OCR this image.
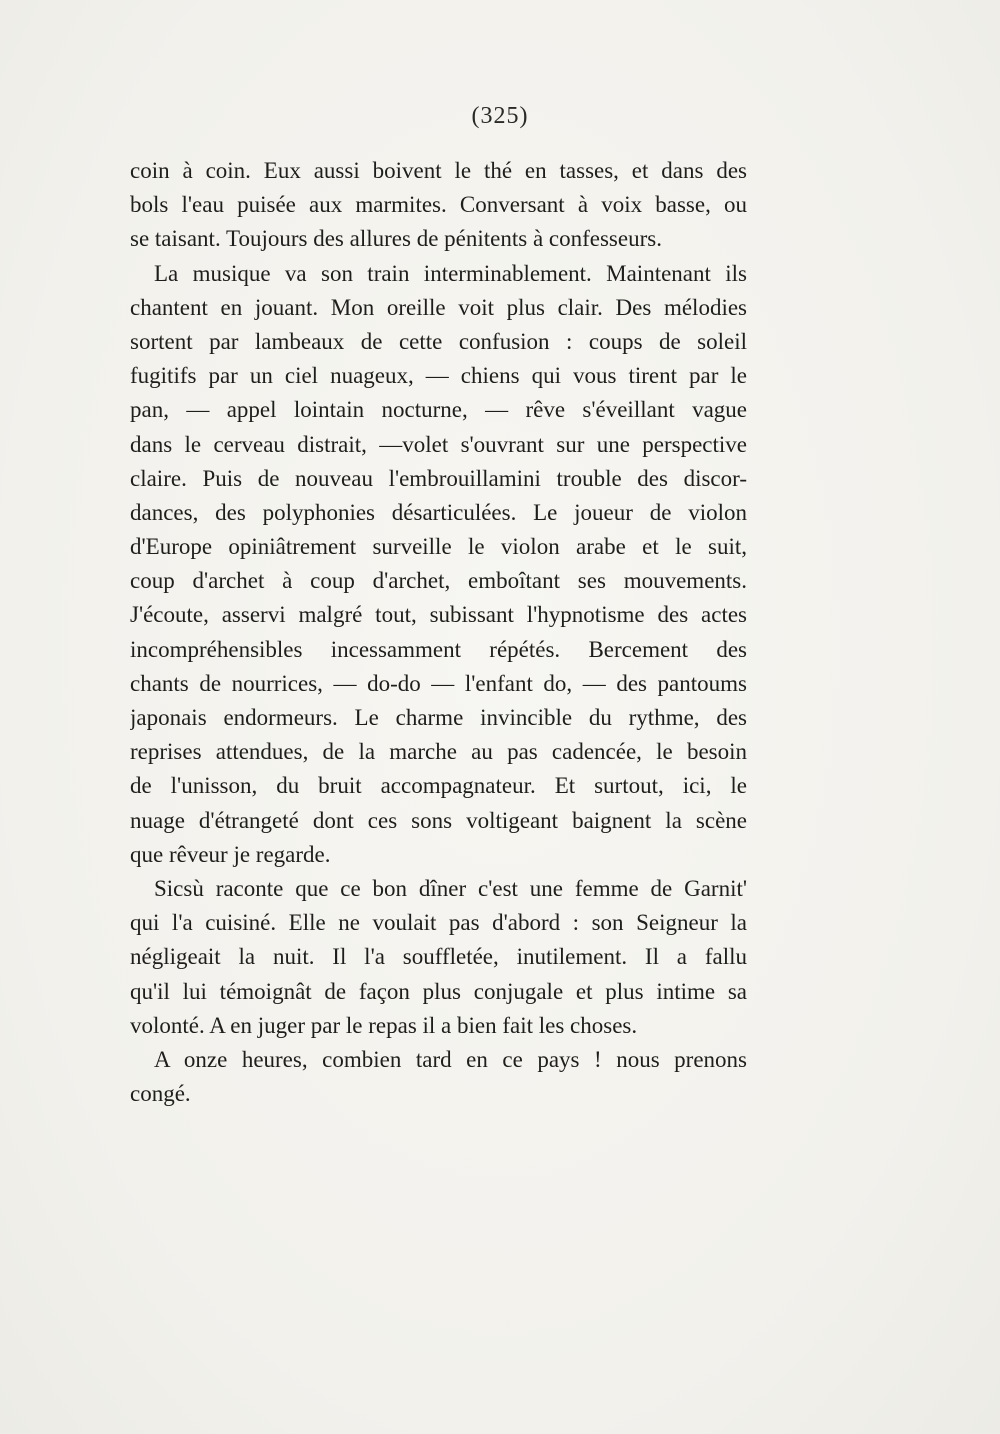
(325)
coin à coin. Eux aussi boivent le thé en tasses, et dans des
bols l'eau puisée aux marmites. Conversant à voix basse, ou
se taisant. Toujours des allures de pénitents à confesseurs.
La musique va son train interminablement. Maintenant ils
chantent en jouant. Mon oreille voit plus clair. Des mélodies
sortent par lambeaux de cette confusion : coups de soleil
fugitifs par un ciel nuageux, — chiens qui vous tirent par le
pan, — appel lointain nocturne, — rêve s'éveillant vague
dans le cerveau distrait, —volet s'ouvrant sur une perspective
claire. Puis de nouveau l'embrouillamini trouble des discor-
dances, des polyphonies désarticulées. Le joueur de violon
d'Europe opiniâtrement surveille le violon arabe et le suit,
coup d'archet à coup d'archet, emboîtant ses mouvements.
J'écoute, asservi malgré tout, subissant l'hypnotisme des actes
incompréhensibles incessamment répétés. Bercement des
chants de nourrices, — do-do — l'enfant do, — des pantoums
japonais endormeurs. Le charme invincible du rythme, des
reprises attendues, de la marche au pas cadencée, le besoin
de l'unisson, du bruit accompagnateur. Et surtout, ici, le
nuage d'étrangeté dont ces sons voltigeant baignent la scène
que rêveur je regarde.
Sicsù raconte que ce bon dîner c'est une femme de Garnit'
qui l'a cuisiné. Elle ne voulait pas d'abord : son Seigneur la
négligeait la nuit. Il l'a souffletée, inutilement. Il a fallu
qu'il lui témoignât de façon plus conjugale et plus intime sa
volonté. A en juger par le repas il a bien fait les choses.
A onze heures, combien tard en ce pays ! nous prenons
congé.
